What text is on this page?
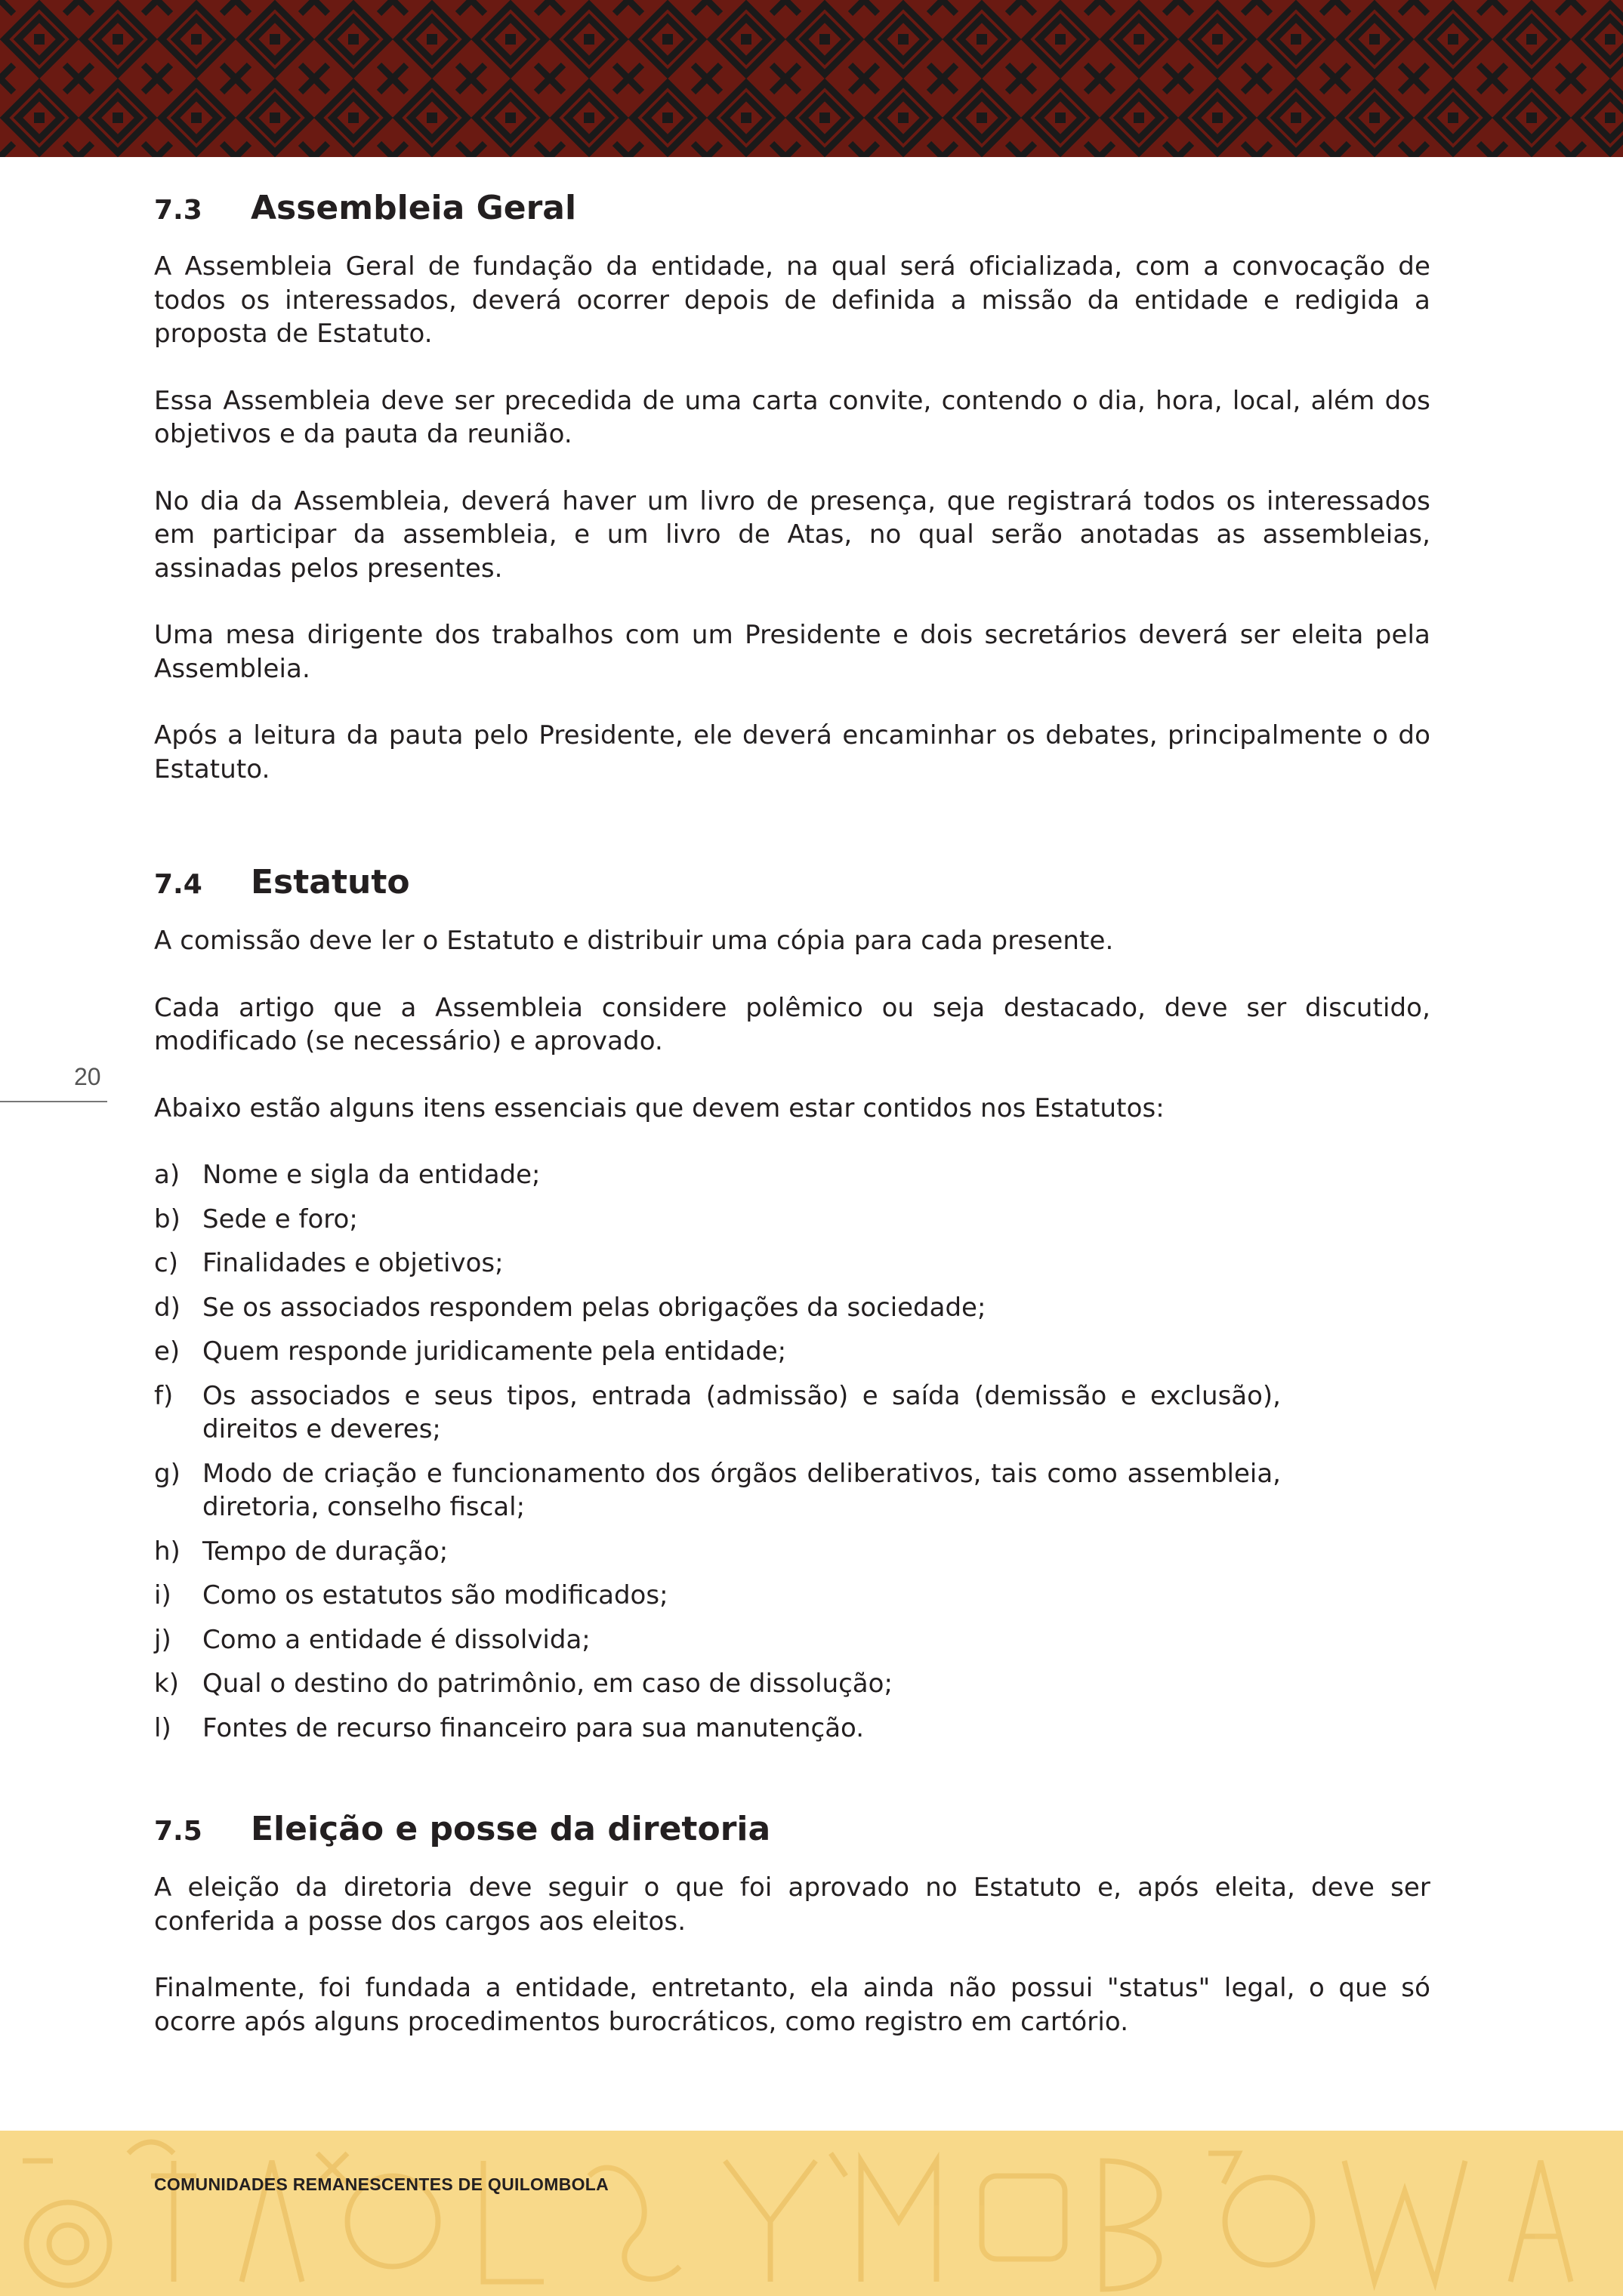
20
7.3	Assembleia Geral

A Assembleia Geral de fundação da entidade, na qual será oficializada, com a convocação de todos os interessados, deverá ocorrer depois de definida a missão da entidade e redigida a proposta de Estatuto.

Essa Assembleia deve ser precedida de uma carta convite, contendo o dia, hora, local, além dos objetivos e da pauta da reunião.

No dia da Assembleia, deverá haver um livro de presença, que registrará todos os interessados em participar da assembleia, e um livro de Atas, no qual serão anotadas as assembleias, assinadas pelos presentes.

Uma mesa dirigente dos trabalhos com um Presidente e dois secretários deverá ser eleita pela Assembleia.

Após a leitura da pauta pelo Presidente, ele deverá encaminhar os debates, principalmente o do Estatuto.

7.4	Estatuto

A comissão deve ler o Estatuto e distribuir uma cópia para cada presente.

Cada artigo que a Assembleia considere polêmico ou seja destacado, deve ser discutido, modificado (se necessário) e aprovado.

Abaixo estão alguns itens essenciais que devem estar contidos nos Estatutos:

a) Nome e sigla da entidade;
b) Sede e foro;
c) Finalidades e objetivos;
d) Se os associados respondem pelas obrigações da sociedade;
e) Quem responde juridicamente pela entidade;
f)	Os associados e seus tipos, entrada (admissão) e saída (demissão e exclusão), direitos e deveres;
g) Modo de criação e funcionamento dos órgãos deliberativos, tais como assembleia, diretoria, conselho fiscal;
h) Tempo de duração;
i)	Como os estatutos são modificados;
j)	Como a entidade é dissolvida;
k) Qual o destino do patrimônio, em caso de dissolução;
l)	Fontes de recurso financeiro para sua manutenção.
7.5	Eleição e posse da diretoria

A eleição da diretoria deve seguir o que foi aprovado no Estatuto e, após eleita, deve ser conferida a posse dos cargos aos eleitos.

Finalmente, foi fundada a entidade, entretanto, ela ainda não possui "status" legal, o que só ocorre após alguns procedimentos burocráticos, como registro em cartório.

COMUNIDADES REMANESCENTES DE QUILOMBOLA
